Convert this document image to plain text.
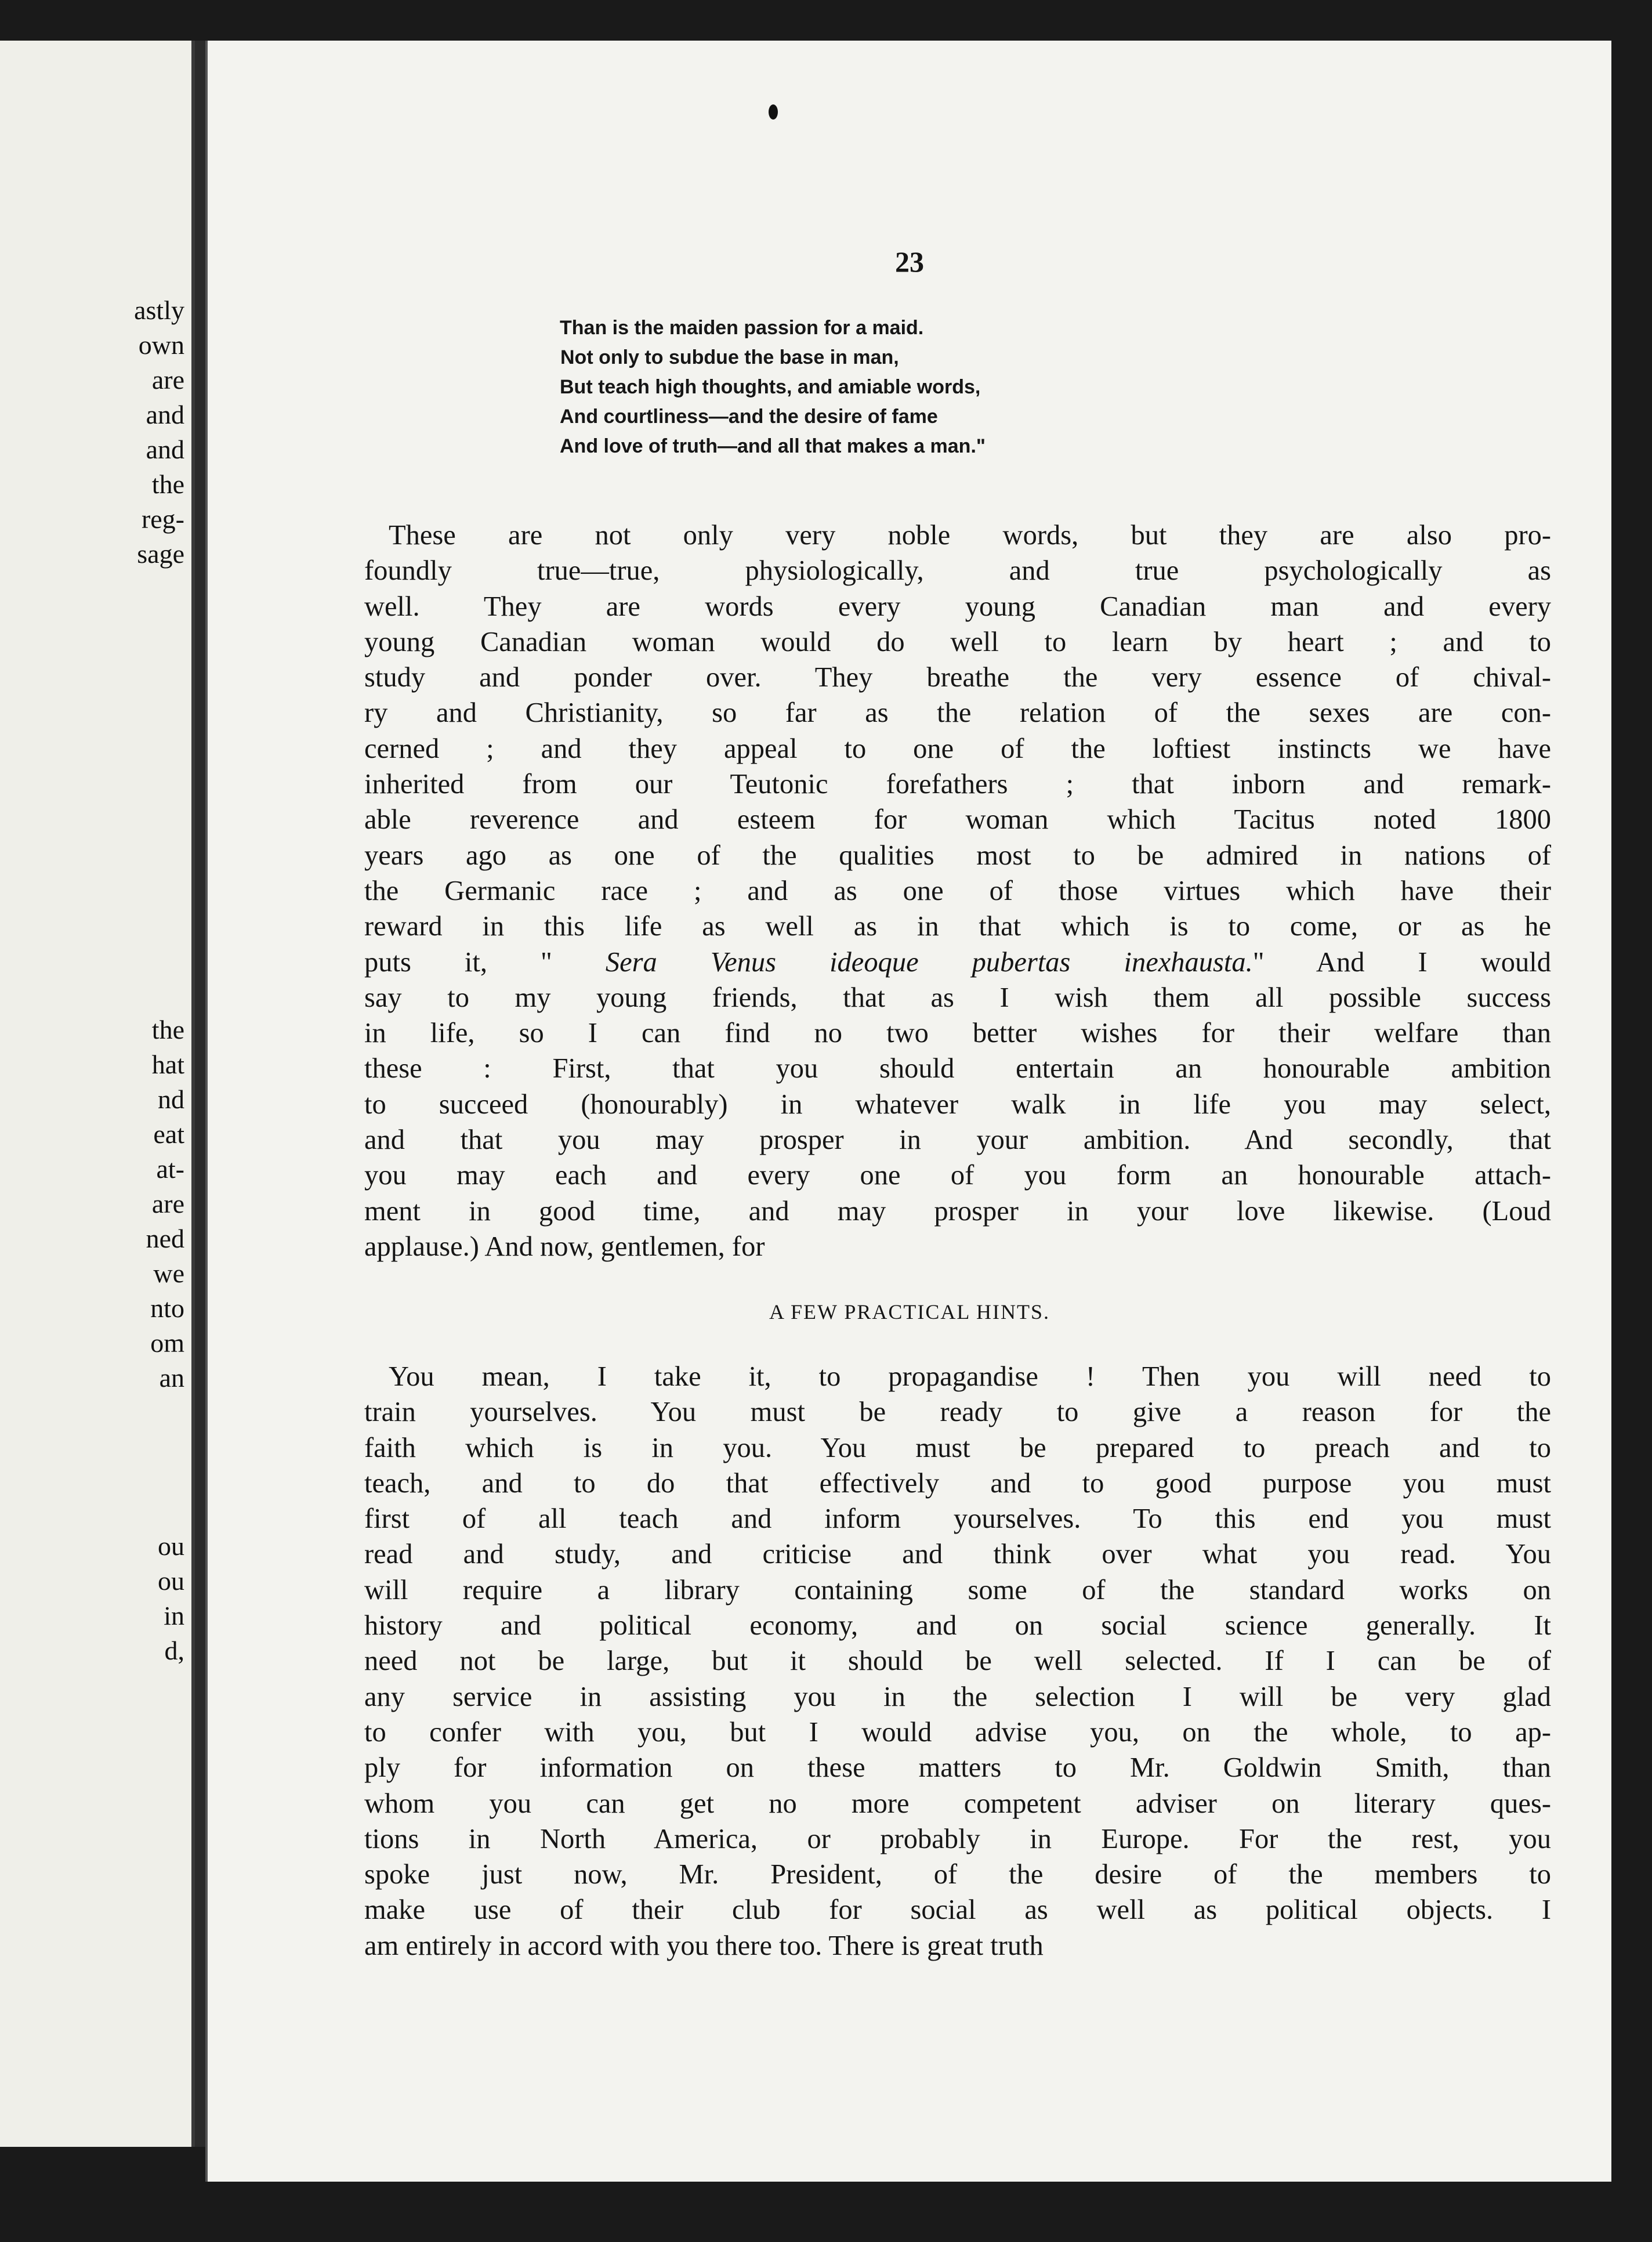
astly

own

are

and

and

the

reg-

sage

the

hat

nd

eat

at-

are

ned

we

nto

om

an

ou

ou

in

d,

23

Than is the maiden passion for a maid.
Not only to subdue the base in man,
But teach high thoughts, and amiable words,
And courtliness—and the desire of fame
And love of truth—and all that makes a man."
These are not only very noble words, but they are also pro-
foundly true—true, physiologically, and true psychologically as
well. They are words every young Canadian man and every
young Canadian woman would do well to learn by heart ; and to
study and ponder over. They breathe the very essence of chival-
ry and Christianity, so far as the relation of the sexes are con-
cerned ; and they appeal to one of the loftiest instincts we have
inherited from our Teutonic forefathers ; that inborn and remark-
able reverence and esteem for woman which Tacitus noted 1800
years ago as one of the qualities most to be admired in nations of
the Germanic race ; and as one of those virtues which have their
reward in this life as well as in that which is to come, or as he
puts it, " Sera Venus ideoque pubertas inexhausta." And I would
say to my young friends, that as I wish them all possible success
in life, so I can find no two better wishes for their welfare than
these : First, that you should entertain an honourable ambition
to succeed (honourably) in whatever walk in life you may select,
and that you may prosper in your ambition. And secondly, that
you may each and every one of you form an honourable attach-
ment in good time, and may prosper in your love likewise. (Loud
applause.) And now, gentlemen, for

A FEW PRACTICAL HINTS.

You mean, I take it, to propagandise ! Then you will need to
train yourselves. You must be ready to give a reason for the
faith which is in you. You must be prepared to preach and to
teach, and to do that effectively and to good purpose you must
first of all teach and inform yourselves. To this end you must
read and study, and criticise and think over what you read. You
will require a library containing some of the standard works on
history and political economy, and on social science generally. It
need not be large, but it should be well selected. If I can be of
any service in assisting you in the selection I will be very glad
to confer with you, but I would advise you, on the whole, to ap-
ply for information on these matters to Mr. Goldwin Smith, than
whom you can get no more competent adviser on literary ques-
tions in North America, or probably in Europe. For the rest, you
spoke just now, Mr. President, of the desire of the members to
make use of their club for social as well as political objects. I
am entirely in accord with you there too. There is great truth
